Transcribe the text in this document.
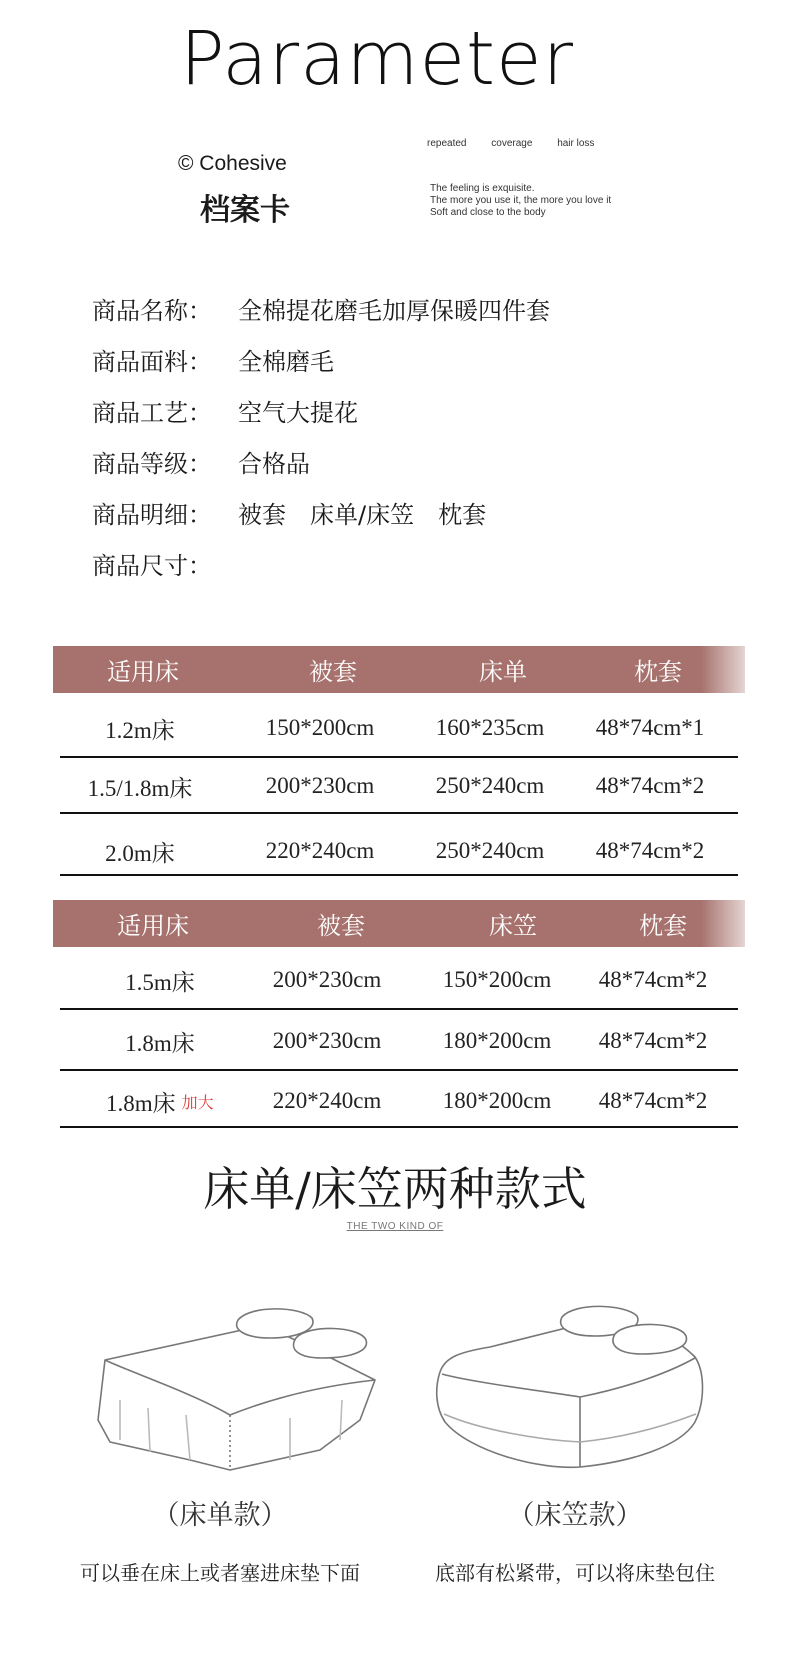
Parameter
© Cohesive
档案卡
repeated coverage hair loss
The feeling is exquisite.
The more you use it, the more you love it
Soft and close to the body
商品名称：	全棉提花磨毛加厚保暖四件套
商品面料：	全棉磨毛
商品工艺：	空气大提花
商品等级：	合格品
商品明细：	被套　床单/床笠　枕套
商品尺寸：
适用床	被套	床单	枕套
1.2m床	150*200cm	160*235cm	48*74cm*1
1.5/1.8m床	200*230cm	250*240cm	48*74cm*2
2.0m床	220*240cm	250*240cm	48*74cm*2
适用床	被套	床笠	枕套
1.5m床	200*230cm	150*200cm	48*74cm*2
1.8m床	200*230cm	180*200cm	48*74cm*2
1.8m床 加大	220*240cm	180*200cm	48*74cm*2
床单/床笠两种款式
THE TWO KIND OF
（床单款）	（床笠款）
可以垂在床上或者塞进床垫下面	底部有松紧带，可以将床垫包住
